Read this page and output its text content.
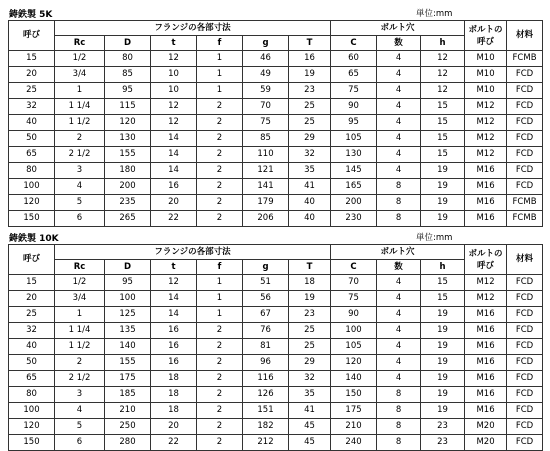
鋳鉄製 5K	単位:mm
呼び	フランジの各部寸法						ボルト穴			ボルトの呼び	材料
	Rc	D	t	f	g	T	C	数	h		
15	1/2	80	12	1	46	16	60	4	12	M10	FCMB
20	3/4	85	10	1	49	19	65	4	12	M10	FCD
25	1	95	10	1	59	23	75	4	12	M10	FCD
32	1 1/4	115	12	2	70	25	90	4	15	M12	FCD
40	1 1/2	120	12	2	75	25	95	4	15	M12	FCD
50	2	130	14	2	85	29	105	4	15	M12	FCD
65	2 1/2	155	14	2	110	32	130	4	15	M12	FCD
80	3	180	14	2	121	35	145	4	19	M16	FCD
100	4	200	16	2	141	41	165	8	19	M16	FCD
120	5	235	20	2	179	40	200	8	19	M16	FCMB
150	6	265	22	2	206	40	230	8	19	M16	FCMB
鋳鉄製 10K	単位:mm
呼び	フランジの各部寸法						ボルト穴			ボルトの呼び	材料
	Rc	D	t	f	g	T	C	数	h		
15	1/2	95	12	1	51	18	70	4	15	M12	FCD
20	3/4	100	14	1	56	19	75	4	15	M12	FCD
25	1	125	14	1	67	23	90	4	19	M16	FCD
32	1 1/4	135	16	2	76	25	100	4	19	M16	FCD
40	1 1/2	140	16	2	81	25	105	4	19	M16	FCD
50	2	155	16	2	96	29	120	4	19	M16	FCD
65	2 1/2	175	18	2	116	32	140	4	19	M16	FCD
80	3	185	18	2	126	35	150	8	19	M16	FCD
100	4	210	18	2	151	41	175	8	19	M16	FCD
120	5	250	20	2	182	45	210	8	23	M20	FCD
150	6	280	22	2	212	45	240	8	23	M20	FCD
